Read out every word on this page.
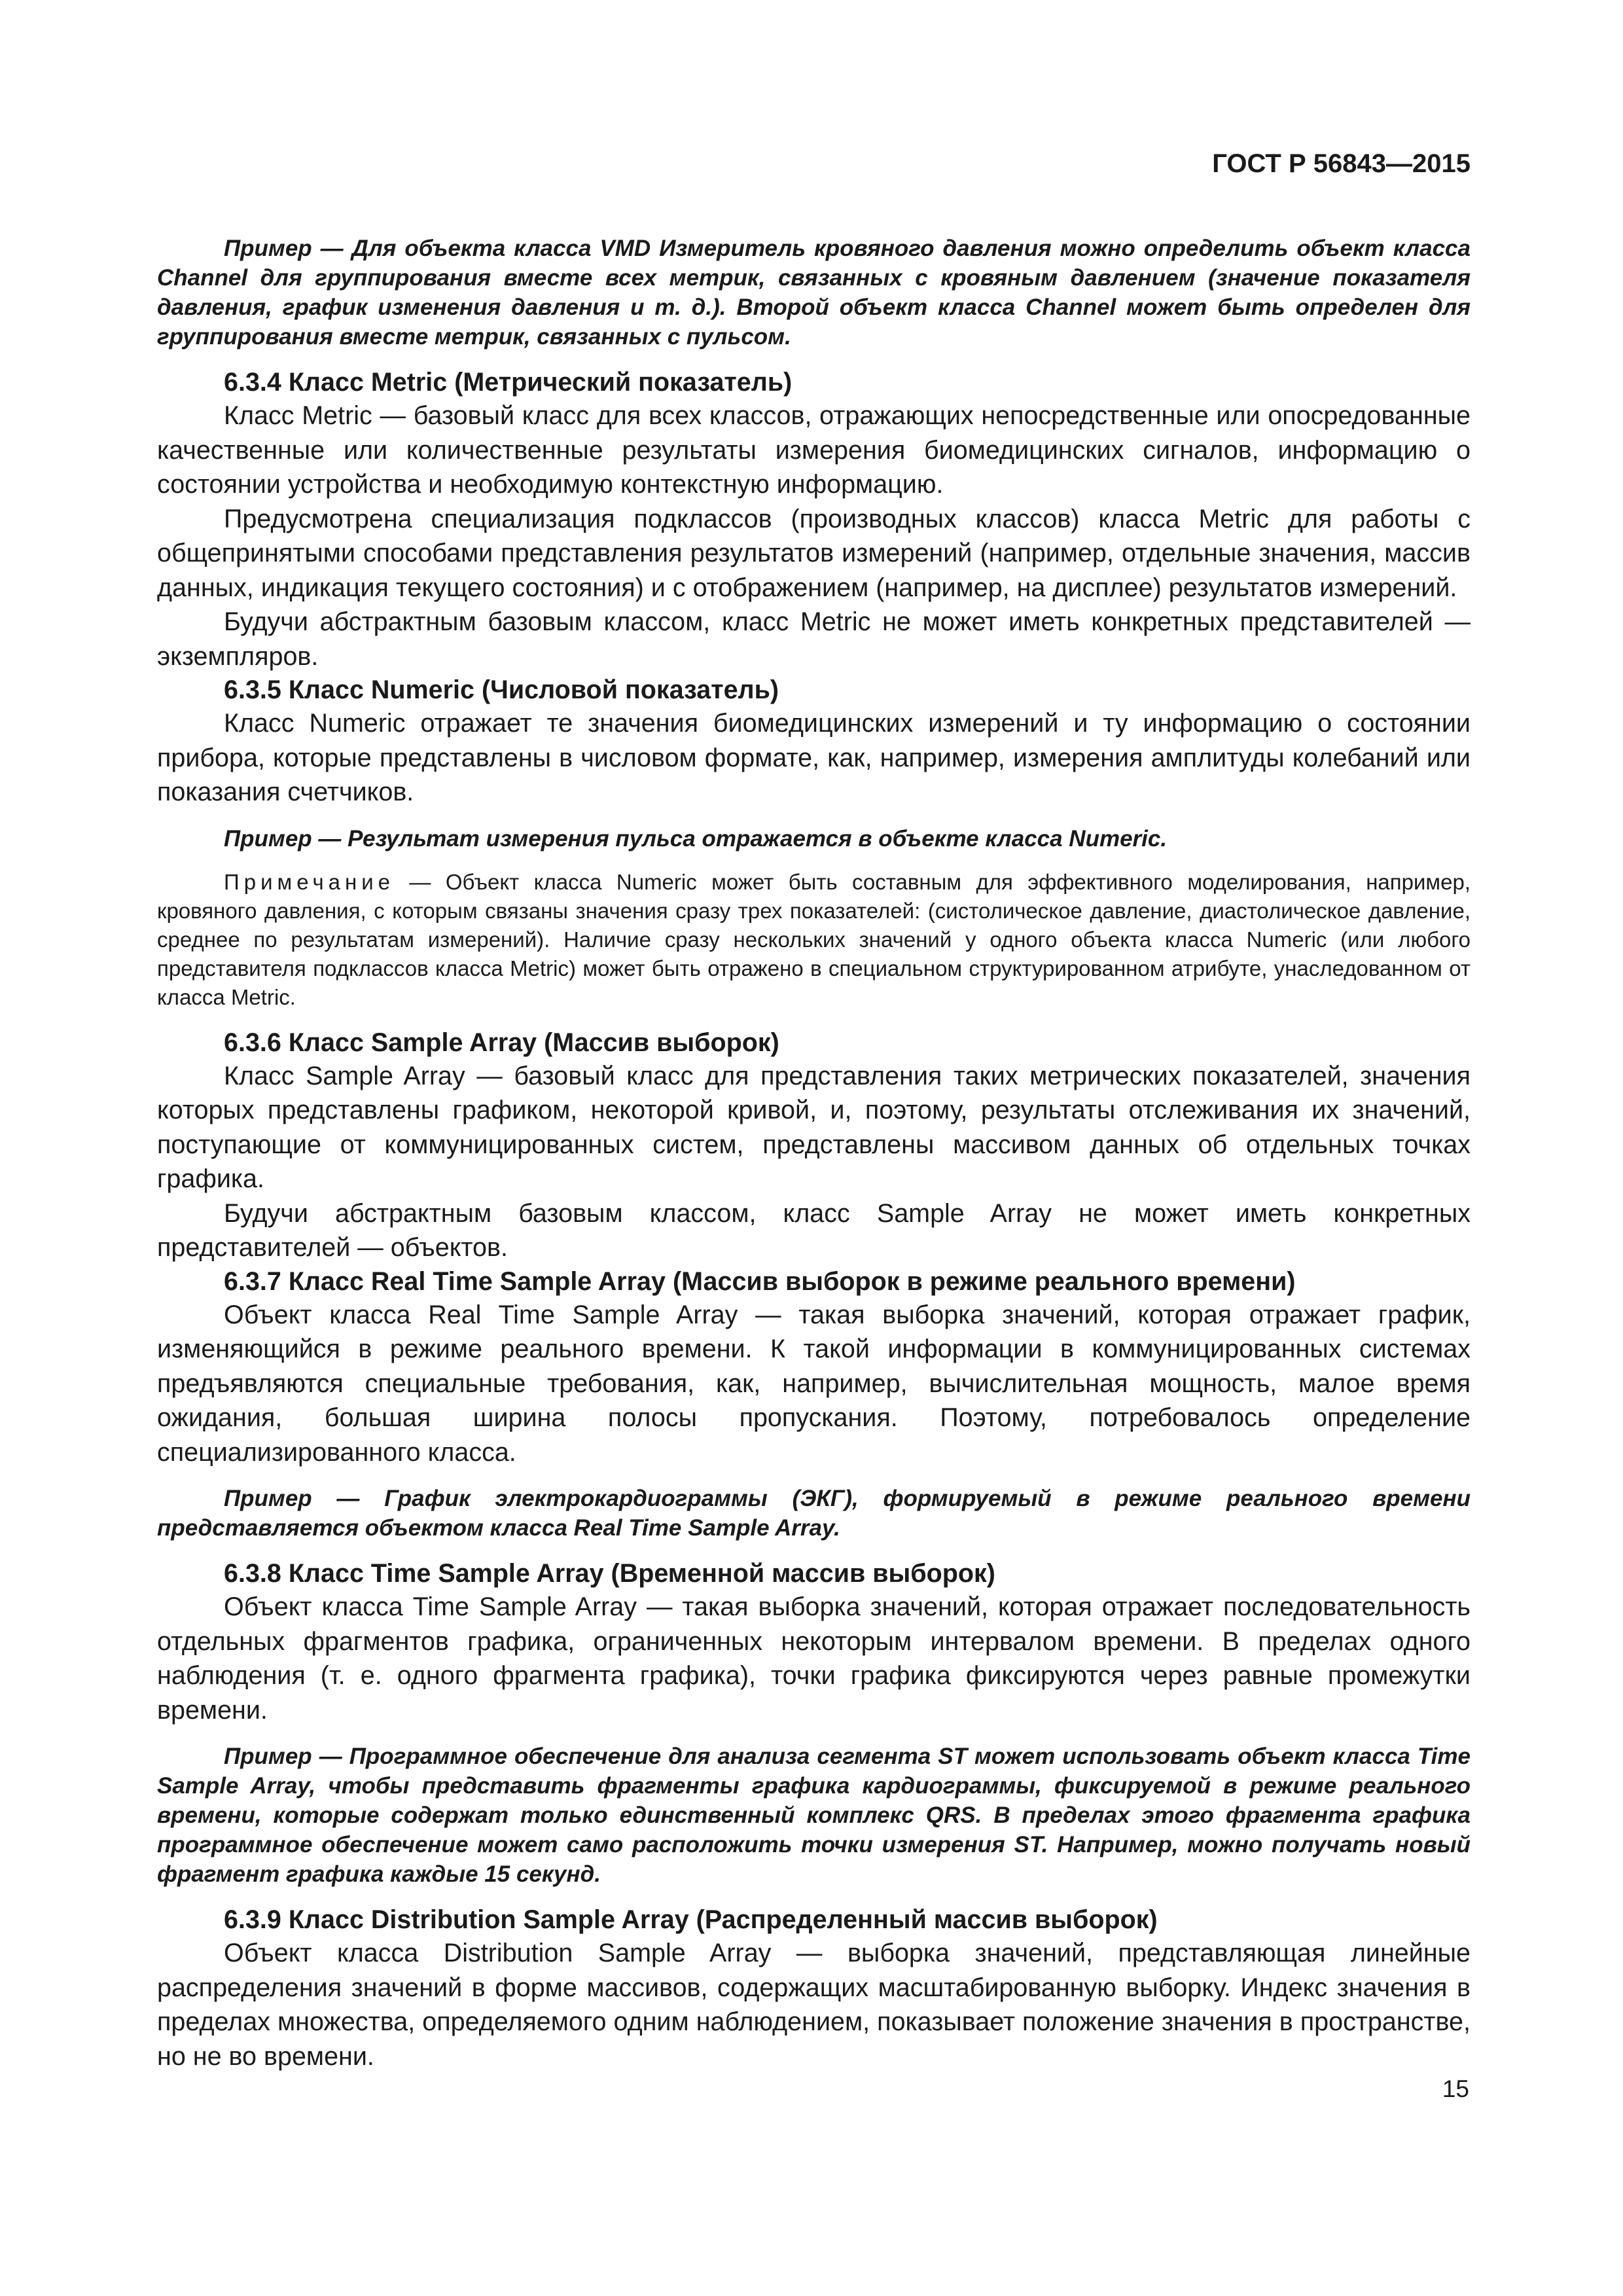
ГОСТ Р 56843—2015

Пример — Для объекта класса VMD Измеритель кровяного давления можно определить объект класса Channel для группирования вместе всех метрик, связанных с кровяным давлением (значение показателя давления, график изменения давления и т. д.). Второй объект класса Channel может быть определен для группирования вместе метрик, связанных с пульсом.

6.3.4 Класс Metric (Метрический показатель)

Класс Metric — базовый класс для всех классов, отражающих непосредственные или опосредованные качественные или количественные результаты измерения биомедицинских сигналов, информацию о состоянии устройства и необходимую контекстную информацию.

Предусмотрена специализация подклассов (производных классов) класса Metric для работы с общепринятыми способами представления результатов измерений (например, отдельные значения, массив данных, индикация текущего состояния) и с отображением (например, на дисплее) результатов измерений.

Будучи абстрактным базовым классом, класс Metric не может иметь конкретных представителей — экземпляров.

6.3.5 Класс Numeric (Числовой показатель)

Класс Numeric отражает те значения биомедицинских измерений и ту информацию о состоянии прибора, которые представлены в числовом формате, как, например, измерения амплитуды колебаний или показания счетчиков.

Пример — Результат измерения пульса отражается в объекте класса Numeric.

Примечание — Объект класса Numeric может быть составным для эффективного моделирования, например, кровяного давления, с которым связаны значения сразу трех показателей: (систолическое давление, диастолическое давление, среднее по результатам измерений). Наличие сразу нескольких значений у одного объекта класса Numeric (или любого представителя подклассов класса Metric) может быть отражено в специальном структурированном атрибуте, унаследованном от класса Metric.

6.3.6 Класс Sample Array (Массив выборок)

Класс Sample Array — базовый класс для представления таких метрических показателей, значения которых представлены графиком, некоторой кривой, и, поэтому, результаты отслеживания их значений, поступающие от коммуницированных систем, представлены массивом данных об отдельных точках графика.

Будучи абстрактным базовым классом, класс Sample Array не может иметь конкретных представителей — объектов.

6.3.7 Класс Real Time Sample Array (Массив выборок в режиме реального времени)

Объект класса Real Time Sample Array — такая выборка значений, которая отражает график, изменяющийся в режиме реального времени. К такой информации в коммуницированных системах предъявляются специальные требования, как, например, вычислительная мощность, малое время ожидания, большая ширина полосы пропускания. Поэтому, потребовалось определение специализированного класса.

Пример — График электрокардиограммы (ЭКГ), формируемый в режиме реального времени представляется объектом класса Real Time Sample Array.

6.3.8 Класс Time Sample Array (Временной массив выборок)

Объект класса Time Sample Array — такая выборка значений, которая отражает последовательность отдельных фрагментов графика, ограниченных некоторым интервалом времени. В пределах одного наблюдения (т. е. одного фрагмента графика), точки графика фиксируются через равные промежутки времени.

Пример — Программное обеспечение для анализа сегмента ST может использовать объект класса Time Sample Array, чтобы представить фрагменты графика кардиограммы, фиксируемой в режиме реального времени, которые содержат только единственный комплекс QRS. В пределах этого фрагмента графика программное обеспечение может само расположить точки измерения ST. Например, можно получать новый фрагмент графика каждые 15 секунд.

6.3.9 Класс Distribution Sample Array (Распределенный массив выборок)

Объект класса Distribution Sample Array — выборка значений, представляющая линейные распределения значений в форме массивов, содержащих масштабированную выборку. Индекс значения в пределах множества, определяемого одним наблюдением, показывает положение значения в пространстве, но не во времени.

15
